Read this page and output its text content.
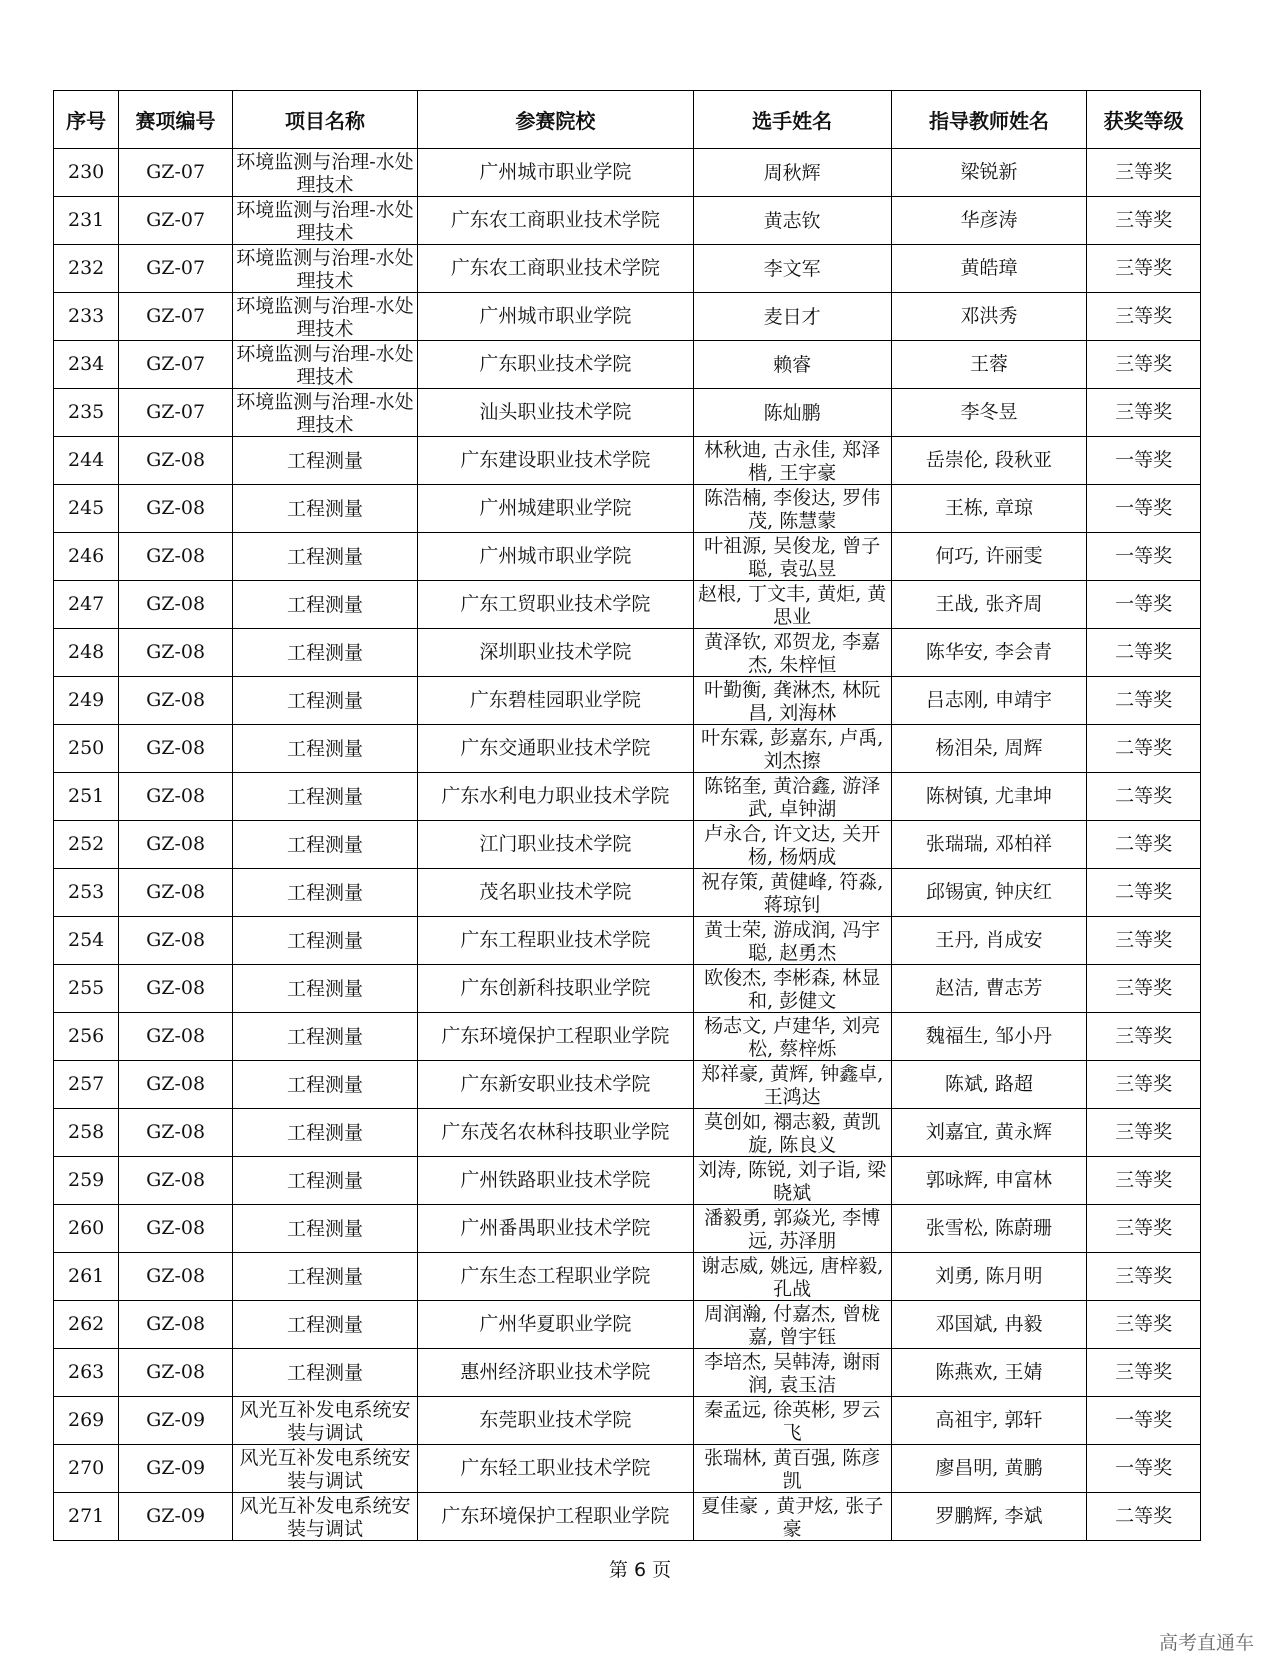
序号	赛项编号	项目名称	参赛院校	选手姓名	指导教师姓名	获奖等级
230	GZ-07	环境监测与治理-水处理技术	广州城市职业学院	周秋辉	梁锐新	三等奖
231	GZ-07	环境监测与治理-水处理技术	广东农工商职业技术学院	黄志钦	华彦涛	三等奖
232	GZ-07	环境监测与治理-水处理技术	广东农工商职业技术学院	李文军	黄皓璋	三等奖
233	GZ-07	环境监测与治理-水处理技术	广州城市职业学院	麦日才	邓洪秀	三等奖
234	GZ-07	环境监测与治理-水处理技术	广东职业技术学院	赖睿	王蓉	三等奖
235	GZ-07	环境监测与治理-水处理技术	汕头职业技术学院	陈灿鹏	李冬昱	三等奖
244	GZ-08	工程测量	广东建设职业技术学院	林秋迪, 古永佳, 郑泽楷, 王宇豪	岳崇伦, 段秋亚	一等奖
245	GZ-08	工程测量	广州城建职业学院	陈浩楠, 李俊达, 罗伟茂, 陈慧蒙	王栋, 章琼	一等奖
246	GZ-08	工程测量	广州城市职业学院	叶祖源, 吴俊龙, 曾子聪, 袁弘昱	何巧, 许丽雯	一等奖
247	GZ-08	工程测量	广东工贸职业技术学院	赵根, 丁文丰, 黄炬, 黄思业	王战, 张齐周	一等奖
248	GZ-08	工程测量	深圳职业技术学院	黄泽钦, 邓贺龙, 李嘉杰, 朱梓恒	陈华安, 李会青	二等奖
249	GZ-08	工程测量	广东碧桂园职业学院	叶勤衡, 龚淋杰, 林阮昌, 刘海林	吕志刚, 申靖宇	二等奖
250	GZ-08	工程测量	广东交通职业技术学院	叶东霖, 彭嘉东, 卢禹, 刘杰擦	杨泪朵, 周辉	二等奖
251	GZ-08	工程测量	广东水利电力职业技术学院	陈铭奎, 黄洽鑫, 游泽武, 卓钟湖	陈树镇, 尤聿坤	二等奖
252	GZ-08	工程测量	江门职业技术学院	卢永合, 许文达, 关开杨, 杨炳成	张瑞瑞, 邓柏祥	二等奖
253	GZ-08	工程测量	茂名职业技术学院	祝存策, 黄健峰, 符淼, 蒋琼钊	邱锡寅, 钟庆红	二等奖
254	GZ-08	工程测量	广东工程职业技术学院	黄士荣, 游成润, 冯宇聪, 赵勇杰	王丹, 肖成安	三等奖
255	GZ-08	工程测量	广东创新科技职业学院	欧俊杰, 李彬森, 林显和, 彭健文	赵洁, 曹志芳	三等奖
256	GZ-08	工程测量	广东环境保护工程职业学院	杨志文, 卢建华, 刘亮松, 蔡梓烁	魏福生, 邹小丹	三等奖
257	GZ-08	工程测量	广东新安职业技术学院	郑祥豪, 黄辉, 钟鑫卓, 王鸿达	陈斌, 路超	三等奖
258	GZ-08	工程测量	广东茂名农林科技职业学院	莫创如, 禤志毅, 黄凯旋, 陈良义	刘嘉宜, 黄永辉	三等奖
259	GZ-08	工程测量	广州铁路职业技术学院	刘涛, 陈锐, 刘子诣, 梁晓斌	郭咏辉, 申富林	三等奖
260	GZ-08	工程测量	广州番禺职业技术学院	潘毅勇, 郭焱光, 李博远, 苏泽朋	张雪松, 陈蔚珊	三等奖
261	GZ-08	工程测量	广东生态工程职业学院	谢志威, 姚远, 唐梓毅, 孔战	刘勇, 陈月明	三等奖
262	GZ-08	工程测量	广州华夏职业学院	周润瀚, 付嘉杰, 曾栊嘉, 曾宇钰	邓国斌, 冉毅	三等奖
263	GZ-08	工程测量	惠州经济职业技术学院	李培杰, 吴韩涛, 谢雨润, 袁玉洁	陈燕欢, 王婧	三等奖
269	GZ-09	风光互补发电系统安装与调试	东莞职业技术学院	秦孟远, 徐英彬, 罗云飞	高祖宇, 郭轩	一等奖
270	GZ-09	风光互补发电系统安装与调试	广东轻工职业技术学院	张瑞林, 黄百强, 陈彦凯	廖昌明, 黄鹏	一等奖
271	GZ-09	风光互补发电系统安装与调试	广东环境保护工程职业学院	夏佳豪 , 黄尹炫, 张子豪	罗鹏辉, 李斌	二等奖
第 6 页
高考直通车
